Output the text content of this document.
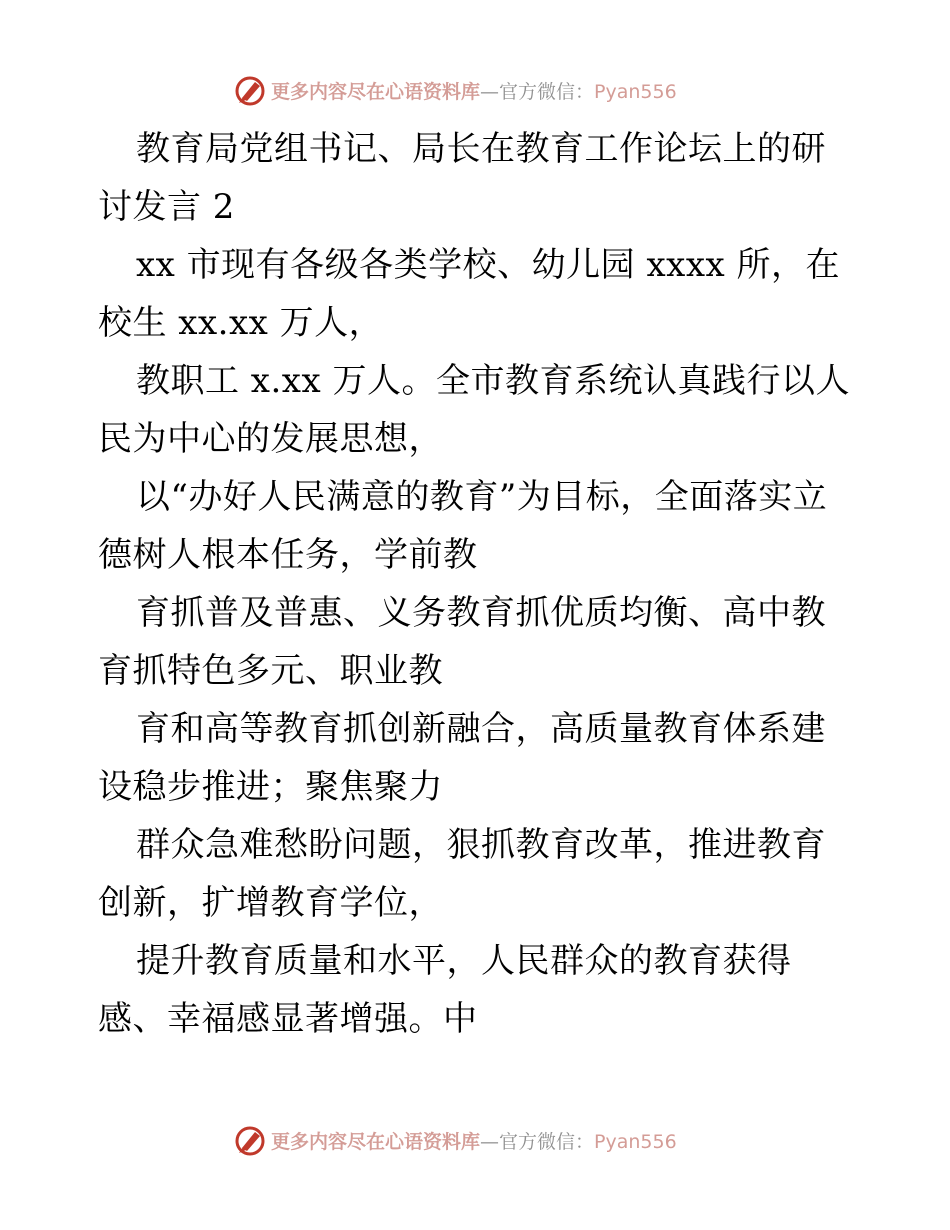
更多内容尽在心语资料库—官方微信：Pyan556

教育局党组书记、局长在教育工作论坛上的研讨发言 2

xx 市现有各级各类学校、幼儿园 xxxx 所，在校生 xx.xx 万人，

教职工 x.xx 万人。全市教育系统认真践行以人民为中心的发展思想，

以“办好人民满意的教育”为目标，全面落实立德树人根本任务，学前教

育抓普及普惠、义务教育抓优质均衡、高中教育抓特色多元、职业教

育和高等教育抓创新融合，高质量教育体系建设稳步推进；聚焦聚力

群众急难愁盼问题，狠抓教育改革，推进教育创新，扩增教育学位，

提升教育质量和水平，人民群众的教育获得感、幸福感显著增强。中

更多内容尽在心语资料库—官方微信：Pyan556
